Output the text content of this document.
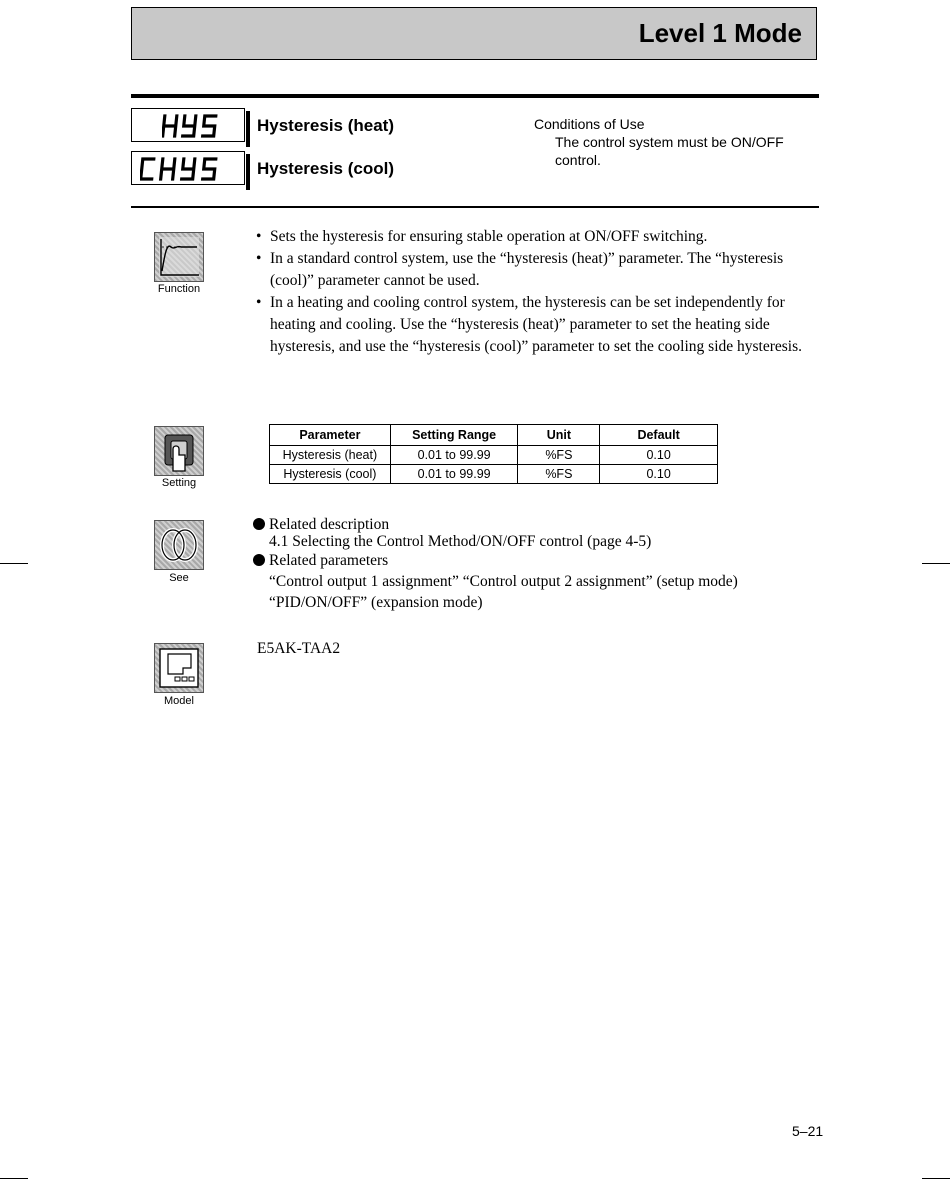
Level 1 Mode
Hysteresis (heat)
Hysteresis (cool)
Conditions of Use
The control system must be ON/OFF control.
Function
• Sets the hysteresis for ensuring stable operation at ON/OFF switching.
• In a standard control system, use the “hysteresis (heat)” parameter. The “hysteresis (cool)” parameter cannot be used.
• In a heating and cooling control system, the hysteresis can be set independently for heating and cooling. Use the “hysteresis (heat)” parameter to set the heating side hysteresis, and use the “hysteresis (cool)” parameter to set the cooling side hysteresis.
Setting
Parameter	Setting Range	Unit	Default
Hysteresis (heat)	0.01 to 99.99	%FS	0.10
Hysteresis (cool)	0.01 to 99.99	%FS	0.10
See
Related description
4.1 Selecting the Control Method/ON/OFF control (page 4-5)
Related parameters
“Control output 1 assignment” “Control output 2 assignment” (setup mode)
“PID/ON/OFF” (expansion mode)
Model
E5AK-TAA2
5–21
